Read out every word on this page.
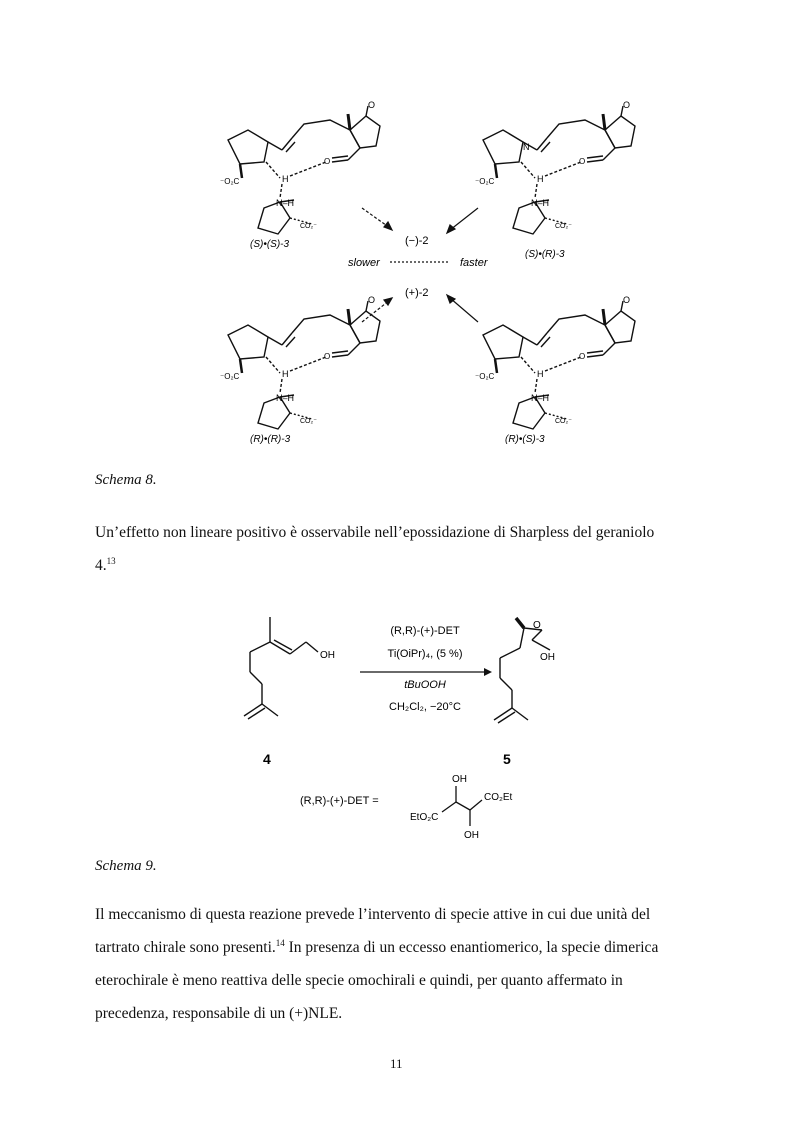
O
O
H
⁻O₂C
N–H
CO₂⁻
(S)•(S)-3
O
N
O
H
⁻O₂C
N–H
CO₂⁻
(S)•(R)-3
O
O
H
⁻O₂C
N–H
CO₂⁻
(R)•(R)-3
O
O
H
⁻O₂C
N–H
CO₂⁻
(R)•(S)-3
(−)-2
(+)-2
slower	faster
Schema 8.
Un’effetto non lineare positivo è osservabile nell’epossidazione di Sharpless del geraniolo
4.13
OH
(R,R)-(+)-DET
Ti(OiPr)₄, (5 %)
tBuOOH
CH₂Cl₂, −20°C
O
OH
4	5
(R,R)-(+)-DET =
OH
OH
CO₂Et
EtO₂C
Schema 9.
Il meccanismo di questa reazione prevede l’intervento di specie attive in cui due unità del
tartrato chirale sono presenti.$^{14}$ In presenza di un eccesso enantiomerico, la specie dimerica
eterochirale è meno reattiva delle specie omochirali e quindi, per quanto affermato in
precedenza, responsabile di un (+)NLE.
11
